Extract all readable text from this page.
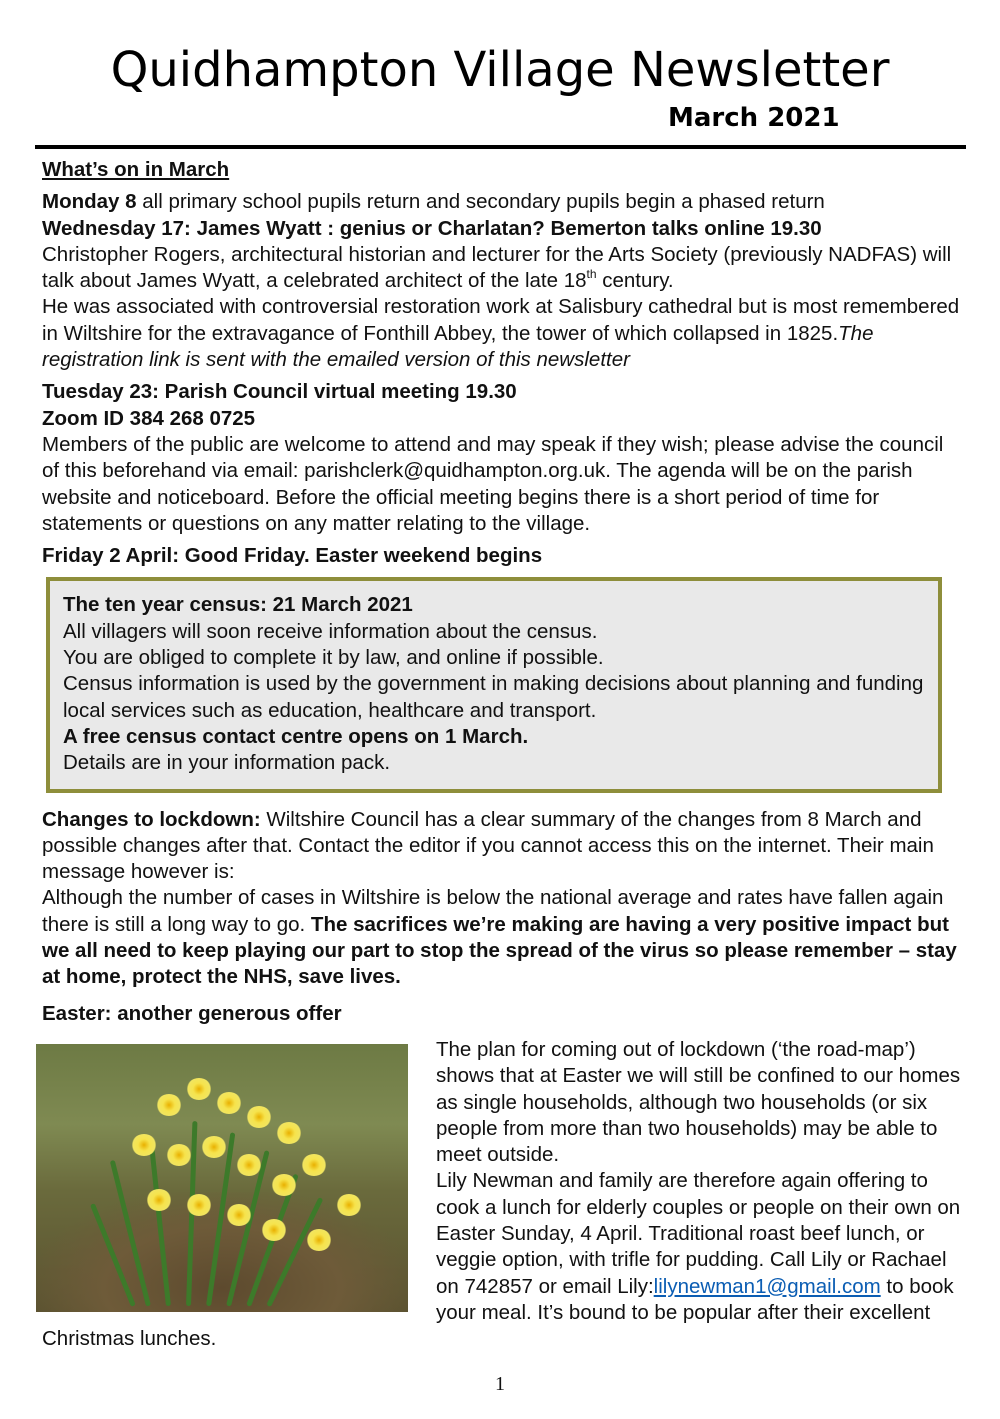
Quidhampton Village Newsletter
March 2021

What’s on in March

Monday 8 all primary school pupils return and secondary pupils begin a phased return

Wednesday 17: James Wyatt : genius or Charlatan? Bemerton talks online 19.30
Christopher Rogers, architectural historian and lecturer for the Arts Society (previously NADFAS) will talk about James Wyatt, a celebrated architect of the late 18th century.
He was associated with controversial restoration work at Salisbury cathedral but is most remembered in Wiltshire for the extravagance of Fonthill Abbey, the tower of which collapsed in 1825.The registration link is sent with the emailed version of this newsletter

Tuesday 23: Parish Council virtual meeting 19.30
Zoom ID 384 268 0725
Members of the public are welcome to attend and may speak if they wish; please advise the council of this beforehand via email: parishclerk@quidhampton.org.uk. The agenda will be on the parish website and noticeboard. Before the official meeting begins there is a short period of time for statements or questions on any matter relating to the village.

Friday 2 April: Good Friday. Easter weekend begins

The ten year census: 21 March 2021
All villagers will soon receive information about the census.
You are obliged to complete it by law, and online if possible.
Census information is used by the government in making decisions about planning and funding local services such as education, healthcare and transport.
A free census contact centre opens on 1 March.
Details are in your information pack.

Changes to lockdown: Wiltshire Council has a clear summary of the changes from 8 March and possible changes after that. Contact the editor if you cannot access this on the internet. Their main message however is:
Although the number of cases in Wiltshire is below the national average and rates have fallen again there is still a long way to go. The sacrifices we’re making are having a very positive impact but we all need to keep playing our part to stop the spread of the virus so please remember – stay at home, protect the NHS, save lives.

Easter: another generous offer

The plan for coming out of lockdown (‘the road-map’) shows that at Easter we will still be confined to our homes as single households, although two households (or six people from more than two households) may be able to meet outside.
Lily Newman and family are therefore again offering to cook a lunch for elderly couples or people on their own on Easter Sunday, 4 April. Traditional roast beef lunch, or veggie option, with trifle for pudding. Call Lily or Rachael on 742857 or email Lily:lilynewman1@gmail.com to book your meal. It’s bound to be popular after their excellent Christmas lunches.

1
